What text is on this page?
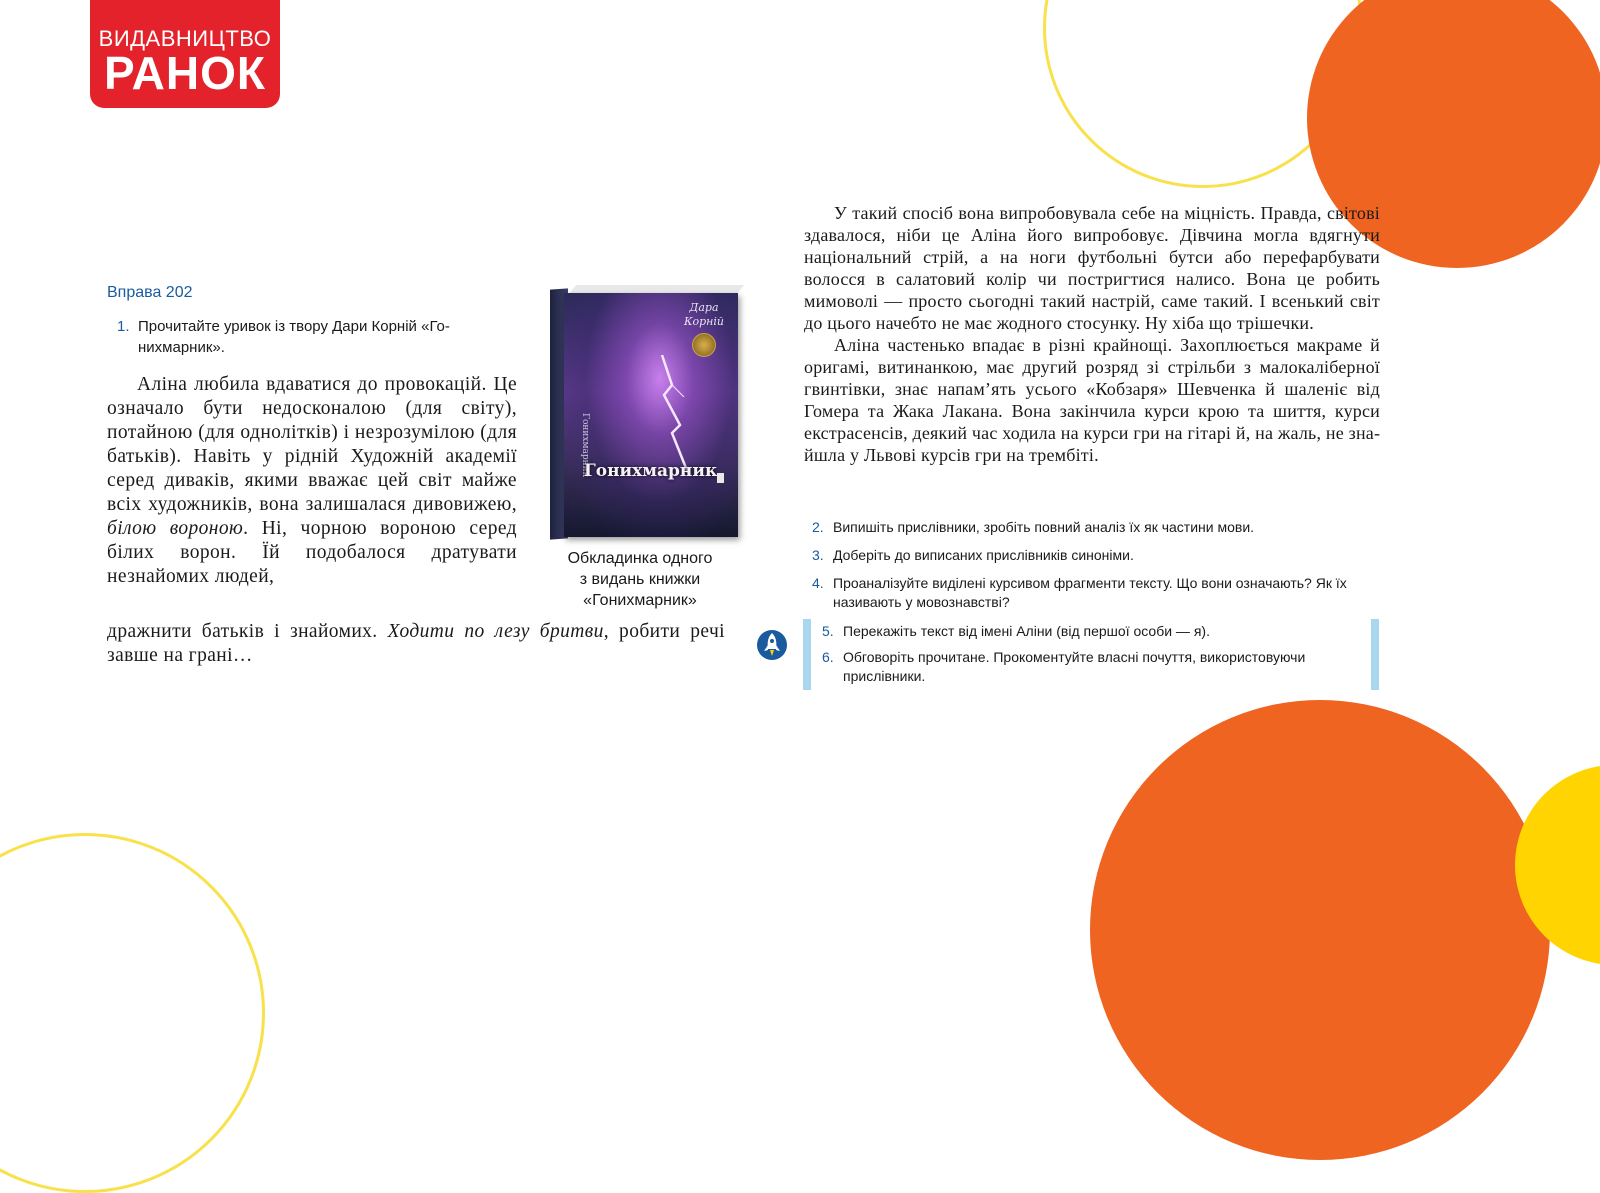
ВИДАВНИЦТВО
РАНОК
Вправа 202
1. Прочитайте уривок із твору Дари Корній «Гонихмарник».

Аліна любила вдаватися до провокацій. Це означало бути недосконалою (для світу), потайною (для однолітків) і незрозумілою (для батьків). Навіть у рідній Художній академії серед диваків, якими вважає цей світ майже всіх художників, вона залишалася дивовижею, білою вороною. Ні, чорною вороною серед білих ворон. Їй подобалося дратувати незнайомих людей,

дражнити батьків і знайомих. Ходити по лезу бритви, робити речі завше на грані…

Дара
Корній
Гонихмарник
Гонихмарник
Обкладинка одного
з видань книжки
«Гонихмарник»

У такий спосіб вона випробовувала себе на міцність. Правда, світові здавалося, ніби це Аліна його випробовує. Дівчина могла вдягнути національний стрій, а на ноги футбольні бутси або перефарбувати волосся в салатовий колір чи постригтися налисо. Вона це робить мимоволі — просто сьогодні такий настрій, саме такий. І всенький світ до цього начебто не має жодного стосунку. Ну хіба що трішечки.

Аліна частенько впадає в різні крайнощі. Захоплюється макраме й оригамі, витинанкою, має другий розряд зі стрільби з малокаліберної гвинтівки, знає напам’ять усього «Кобзаря» Шевченка й шаленіє від Гомера та Жака Лакана. Вона закінчила курси крою та шиття, курси екстрасенсів, деякий час ходила на курси гри на гітарі й, на жаль, не знайшла у Львові курсів гри на трембіті.

2. Випишіть прислівники, зробіть повний аналіз їх як частини мови.
3. Доберіть до виписаних прислівників синоніми.
4. Проаналізуйте виділені курсивом фрагменти тексту. Що вони означають? Як їх називають у мовознавстві?
5. Перекажіть текст від імені Аліни (від першої особи — я).
6. Обговоріть прочитане. Прокоментуйте власні почуття, використовуючи прислівники.
